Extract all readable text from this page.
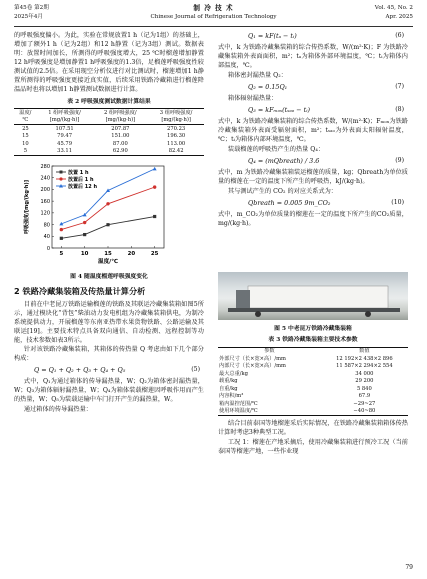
第45卷 第2期
2025年4月
制 冷 技 术
Chinese Journal of Refrigeration Technology
Vol. 45, No. 2
Apr. 2025

的呼吸强度偏小。为此，实验在常规放置1 h（记为1组）的基础上，增加了额外1 h（记为2组）和12 h静置（记为3组）测试。数据表明：放置时间加长，所测得的呼吸强度增大，25 ℃时榴莲增加静置12 h呼吸强度是增加静置1 h呼吸强度的1.3倍，足榴莲呼吸强度性较测试值的2.5倍。在采用现空分析仪进行对比测试时，榴莲增加1 h静置所测得的呼吸强度更接近真实值，后续采用铁路冷藏箱进行榴莲降温品时也将以增加1 h静置测试数据进行计算。

表 2 呼吸强度测试数据计算结果
温度/	1 组呼吸强度/	2 组呼吸强度/	3 组呼吸强度/
℃	[mg/(kg·h)]	[mg/(kg·h)]	[mg/(kg·h)]
25	107.51	207.87	270.23
15	79.47	151.00	196.30
10	45.79	87.00	113.00
5	33.11	62.90	82.42
0
40
80
120
160
200
240
280
5	10	15	20	25
温度/℃
呼吸强度/[mg/(kg·h)]
放置 1 h
放置后 1 h
放置后 12 h
图 4 随温度榴莲呼吸强度变化
2 铁路冷藏集装箱及传热量计算分析

目前在中老昆万铁路运输榴莲的铁路及其联运冷藏集装箱如图5所示，通过模块化“背包”柴油动力发电机组为冷藏集装箱供电，为制冷系统提供动力，开展榴莲等东南亚热带水果货物铁路、公路运输及其联运[19]。主要技术特点具备双向通信、自动检测、远程控制等功能，技术参数如表3所示。

针对该铁路冷藏集装箱，其箱体的传热量 Q 考虑由如下几个部分构成：

Q = Q₁ + Q₂ + Q₃ + Q₄ + Q₅	(5)

式中，Q₁为通过箱体的传导漏热量，W；Q₂为箱体密封漏热量，W；Q₃为箱体辐射漏热量，W；Q₄为箱体装载榴莲因呼吸作用而产生的热量，W；Q₅为装载运输中车门打开产生的漏热量，W。

通过箱体的传导漏热量：

Q₁ = kF(tₐ − tᵢ)	(6)

式中，k 为铁路冷藏集装箱的综合传热系数，W/(m²·K)；F 为铁路冷藏集装箱外表面面积，m²；tₐ为箱体外部环境温度，℃；tᵢ为箱体内部温度，℃。

箱体密封漏热量 Q₂：

Q₂ = 0.15Q₁	(7)

箱体辐射漏热量：

Q₃ = kFₘₒₓ(tₛₐₒ − tᵢ)	(8)

式中，k 为铁路冷藏集装箱的综合传热系数，W/(m²·K)；Fₘₒₓ为铁路冷藏集装箱外表面受辐射面积，m²；tₛₐₒ为外表面太阳辐射温度，℃；tᵢ为箱体内部环境温度，℃。

装载榴莲的呼吸热产生的热量 Q₄：

Q₄ = (mQbreath) / 3.6	(9)

式中，m 为铁路冷藏集装箱装运榴莲的质量，kg；Qbreath为单位质量的榴莲在一定的温度下所产生的呼吸热，kJ/(kg·h)。

其与测试产生的 CO₂ 的对应关系式为：

Qbreath = 0.005 9m_CO₂	(10)

式中，m_CO₂为单位质量的榴莲在一定的温度下所产生的CO₂质量，mg/(kg·h)。

图 5 中老昆万铁路冷藏集装箱
表 3 铁路冷藏集装箱主要技术参数
参数	数值
外部尺寸（长×宽×高）/mm	12 192×2 438×2 896
内部尺寸（长×宽×高）/mm	11 587×2 294×2 554
最大总重/kg	34 000
载重/kg	29 200
自重/kg	5 840
内容积/m³	67.9
箱内温控范围/℃	−29~27
使用环境温度/℃	−40~80

结合目前泰国等地榴莲采后实际情况，在铁路冷藏集装箱箱体传热计算时考虑3种典型工况。

工况 1：榴莲在产地采摘后，使用冷藏集装箱进行预冷工况（当前泰国等榴莲产地，一些作业现

79
